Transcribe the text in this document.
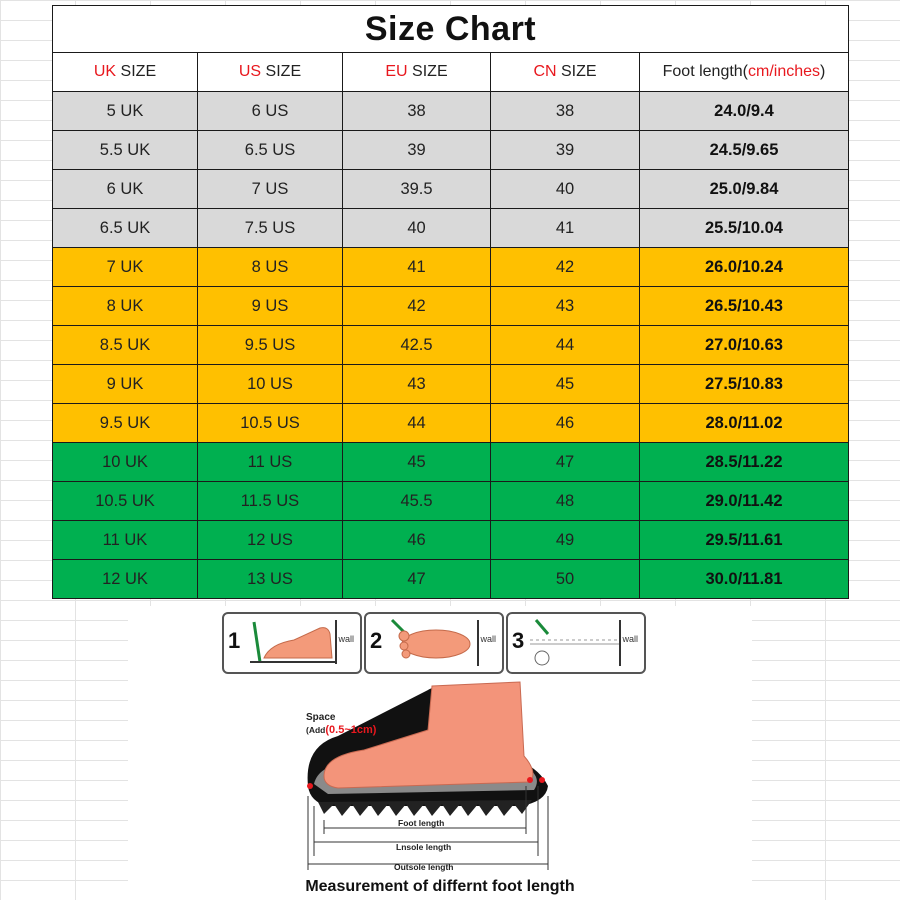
Size Chart				
UK SIZE	US SIZE	EU SIZE	CN SIZE	Foot length(cm/inches)
5 UK	6 US	38	38	24.0/9.4
5.5 UK	6.5 US	39	39	24.5/9.65
6 UK	7 US	39.5	40	25.0/9.84
6.5 UK	7.5 US	40	41	25.5/10.04
7 UK	8 US	41	42	26.0/10.24
8 UK	9 US	42	43	26.5/10.43
8.5 UK	9.5 US	42.5	44	27.0/10.63
9 UK	10 US	43	45	27.5/10.83
9.5 UK	10.5 US	44	46	28.0/11.02
10 UK	11 US	45	47	28.5/11.22
10.5 UK	11.5 US	45.5	48	29.0/11.42
11 UK	12 US	46	49	29.5/11.61
12 UK	13 US	47	50	30.0/11.81
1	wall 2	wall 3	wall
Space
(Add(0.5~1cm)
Foot length
Lnsole length
Outsole length
Measurement of differnt foot length
